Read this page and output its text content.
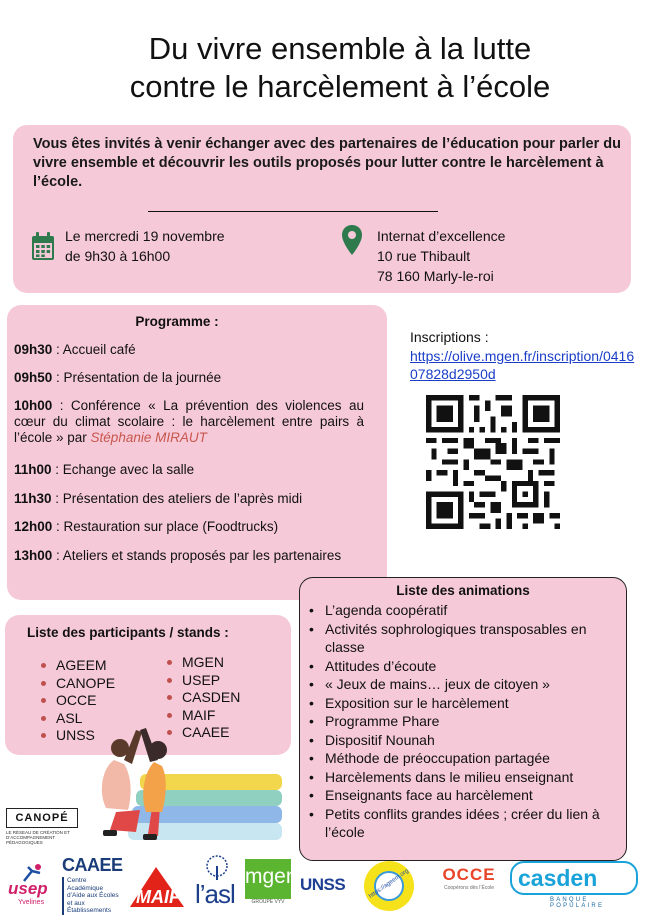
Du vivre ensemble à la lutte
contre le harcèlement à l’école
Vous êtes invités à venir échanger avec des partenaires de l’éducation pour parler du vivre ensemble et découvrir les outils proposés pour lutter contre le harcèlement à l’école.
Le mercredi 19 novembre
de 9h30 à 16h00
Internat d’excellence
10 rue Thibault
78 160 Marly-le-roi
Programme :
09h30 : Accueil café
09h50 : Présentation de la journée
10h00 : Conférence « La prévention des violences au cœur du climat scolaire : le harcèlement entre pairs à l’école » par Stéphanie MIRAUT
11h00 : Echange avec la salle
11h30 : Présentation des ateliers de l’après midi
12h00 : Restauration sur place (Foodtrucks)
13h00 : Ateliers et stands proposés par les partenaires
Inscriptions :
https://olive.mgen.fr/inscription/041607828d2950d
Liste des participants / stands :
AGEEM
CANOPE
OCCE
ASL
UNSS
MGEN
USEP
CASDEN
MAIF
CAAEE
Liste des animations
• L’agenda coopératif
• Activités sophrologiques transposables en classe
• Attitudes d’écoute
• « Jeux de mains… jeux de citoyen »
• Exposition sur le harcèlement
• Programme Phare
• Dispositif Nounah
• Méthode de préoccupation partagée
• Harcèlements dans le milieu enseignant
• Enseignants face au harcèlement
• Petits conflits grandes idées ; créer du lien à l’école
CANOPÉ
LE RÉSEAU DE CRÉATION ET D’ACCOMPAGNEMENT PÉDAGOGIQUES
usep
Yvelines
CAAEE
Centre Académique d’Aide aux Écoles et aux Établissements
MAIF l’asl
mgen
GROUPE VYV
UNSS	https://ageem.org	OCCE
Coopérons dès l’École	casden
BANQUE POPULAIRE
